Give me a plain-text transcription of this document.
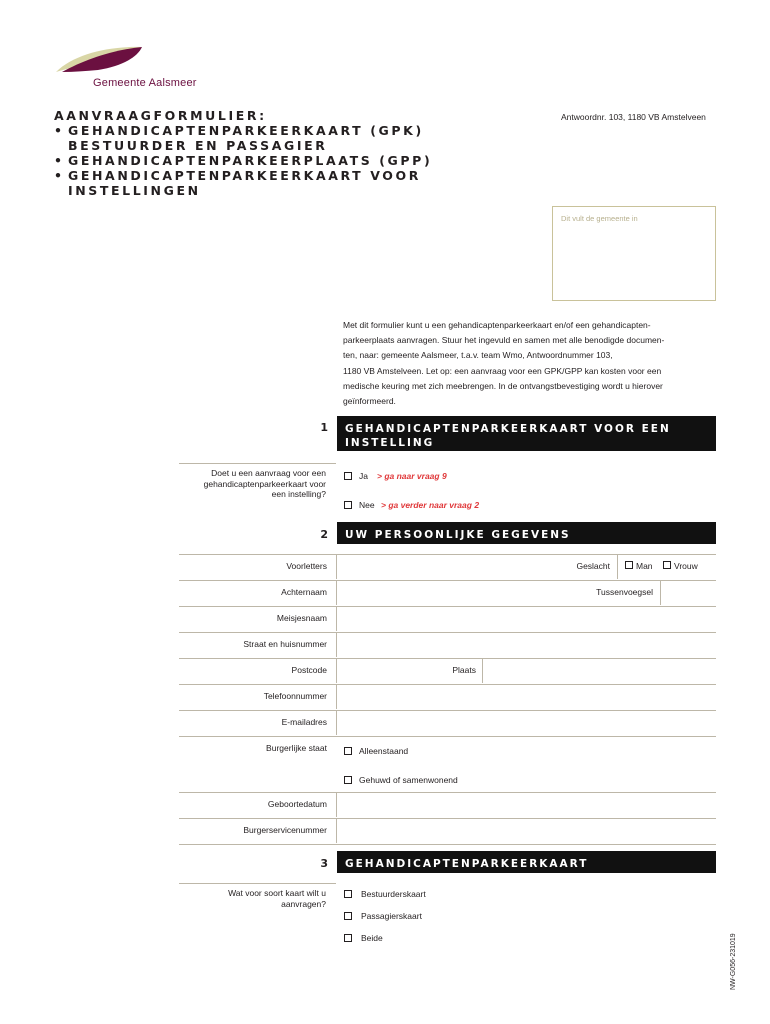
Gemeente Aalsmeer
AANVRAAGFORMULIER:
• GEHANDICAPTENPARKEERKAART (GPK)
BESTUURDER EN PASSAGIER
• GEHANDICAPTENPARKEERPLAATS (GPP)
• GEHANDICAPTENPARKEERKAART VOOR
INSTELLINGEN
Antwoordnr. 103, 1180 VB Amstelveen
Dit vult de gemeente in
Met dit formulier kunt u een gehandicaptenparkeerkaart en/of een gehandicapten-
parkeerplaats aanvragen. Stuur het ingevuld en samen met alle benodigde documen-
ten, naar: gemeente Aalsmeer, t.a.v. team Wmo, Antwoordnummer 103,
1180 VB Amstelveen. Let op: een aanvraag voor een GPK/GPP kan kosten voor een
medische keuring met zich meebrengen. In de ontvangstbevestiging wordt u hierover
geïnformeerd.
1 GEHANDICAPTENPARKEERKAART VOOR EEN
INSTELLING
Doet u een aanvraag voor een
gehandicaptenparkeerkaart voor
een instelling?
Ja > ga naar vraag 9
Nee > ga verder naar vraag 2
2 UW PERSOONLIJKE GEGEVENS
Voorletters	Geslacht	Man	Vrouw
Achternaam	Tussenvoegsel
Meisjesnaam
Straat en huisnummer
Postcode	Plaats
Telefoonnummer
E-mailadres
Burgerlijke staat	Alleenstaand
Gehuwd of samenwonend
Geboortedatum
Burgerservicenummer
3 GEHANDICAPTENPARKEERKAART
Wat voor soort kaart wilt u
aanvragen?
Bestuurderskaart
Passagierskaart
Beide	NW-G056-231019
